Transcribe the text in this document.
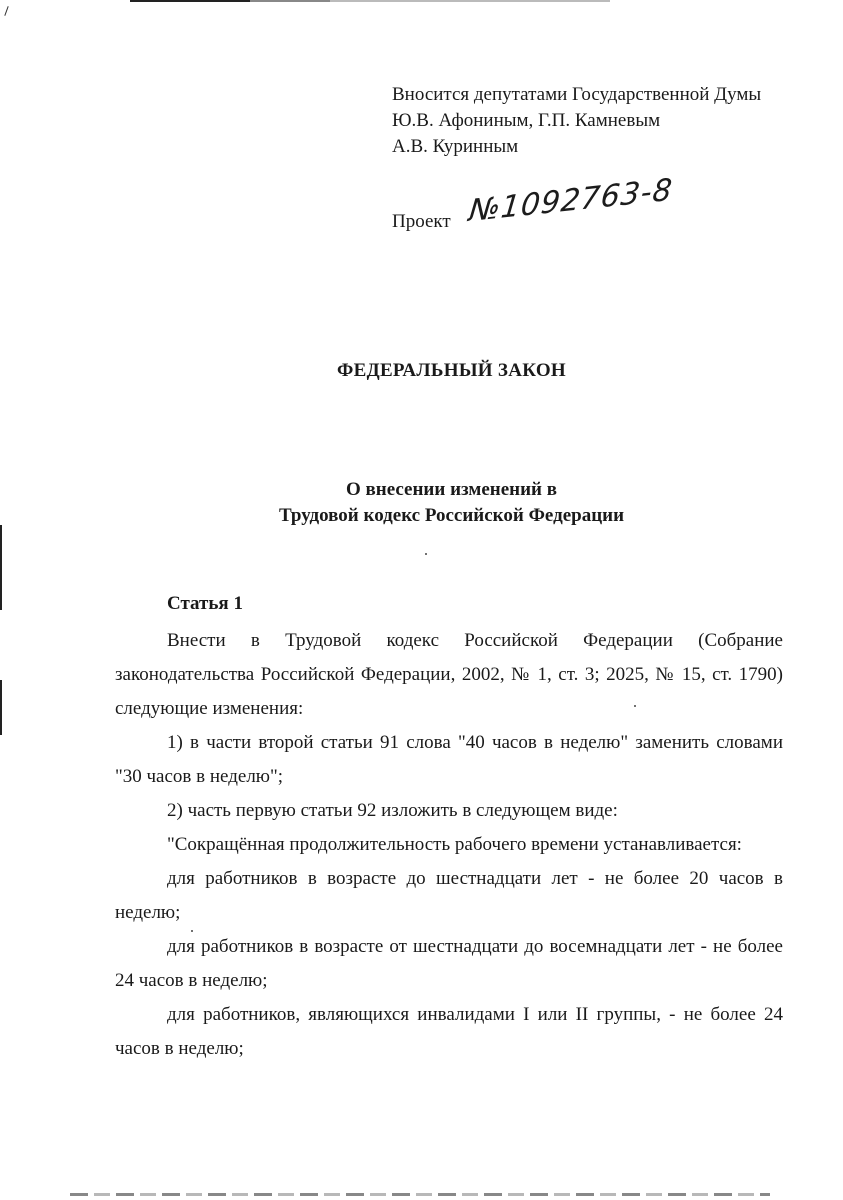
Вносится депутатами Государственной Думы
Ю.В. Афониным, Г.П. Камневым
А.В. Куринным
Проект №1092763-8
ФЕДЕРАЛЬНЫЙ ЗАКОН
О внесении изменений в
Трудовой кодекс Российской Федерации
Статья 1

Внести в Трудовой кодекс Российской Федерации (Собрание законодательства Российской Федерации, 2002, № 1, ст. 3; 2025, № 15, ст. 1790) следующие изменения:

1) в части второй статьи 91 слова "40 часов в неделю" заменить словами "30 часов в неделю";

2) часть первую статьи 92 изложить в следующем виде:

"Сокращённая продолжительность рабочего времени устанавливается:

для работников в возрасте до шестнадцати лет - не более 20 часов в неделю;

для работников в возрасте от шестнадцати до восемнадцати лет - не более 24 часов в неделю;

для работников, являющихся инвалидами I или II группы, - не более 24 часов в неделю;
